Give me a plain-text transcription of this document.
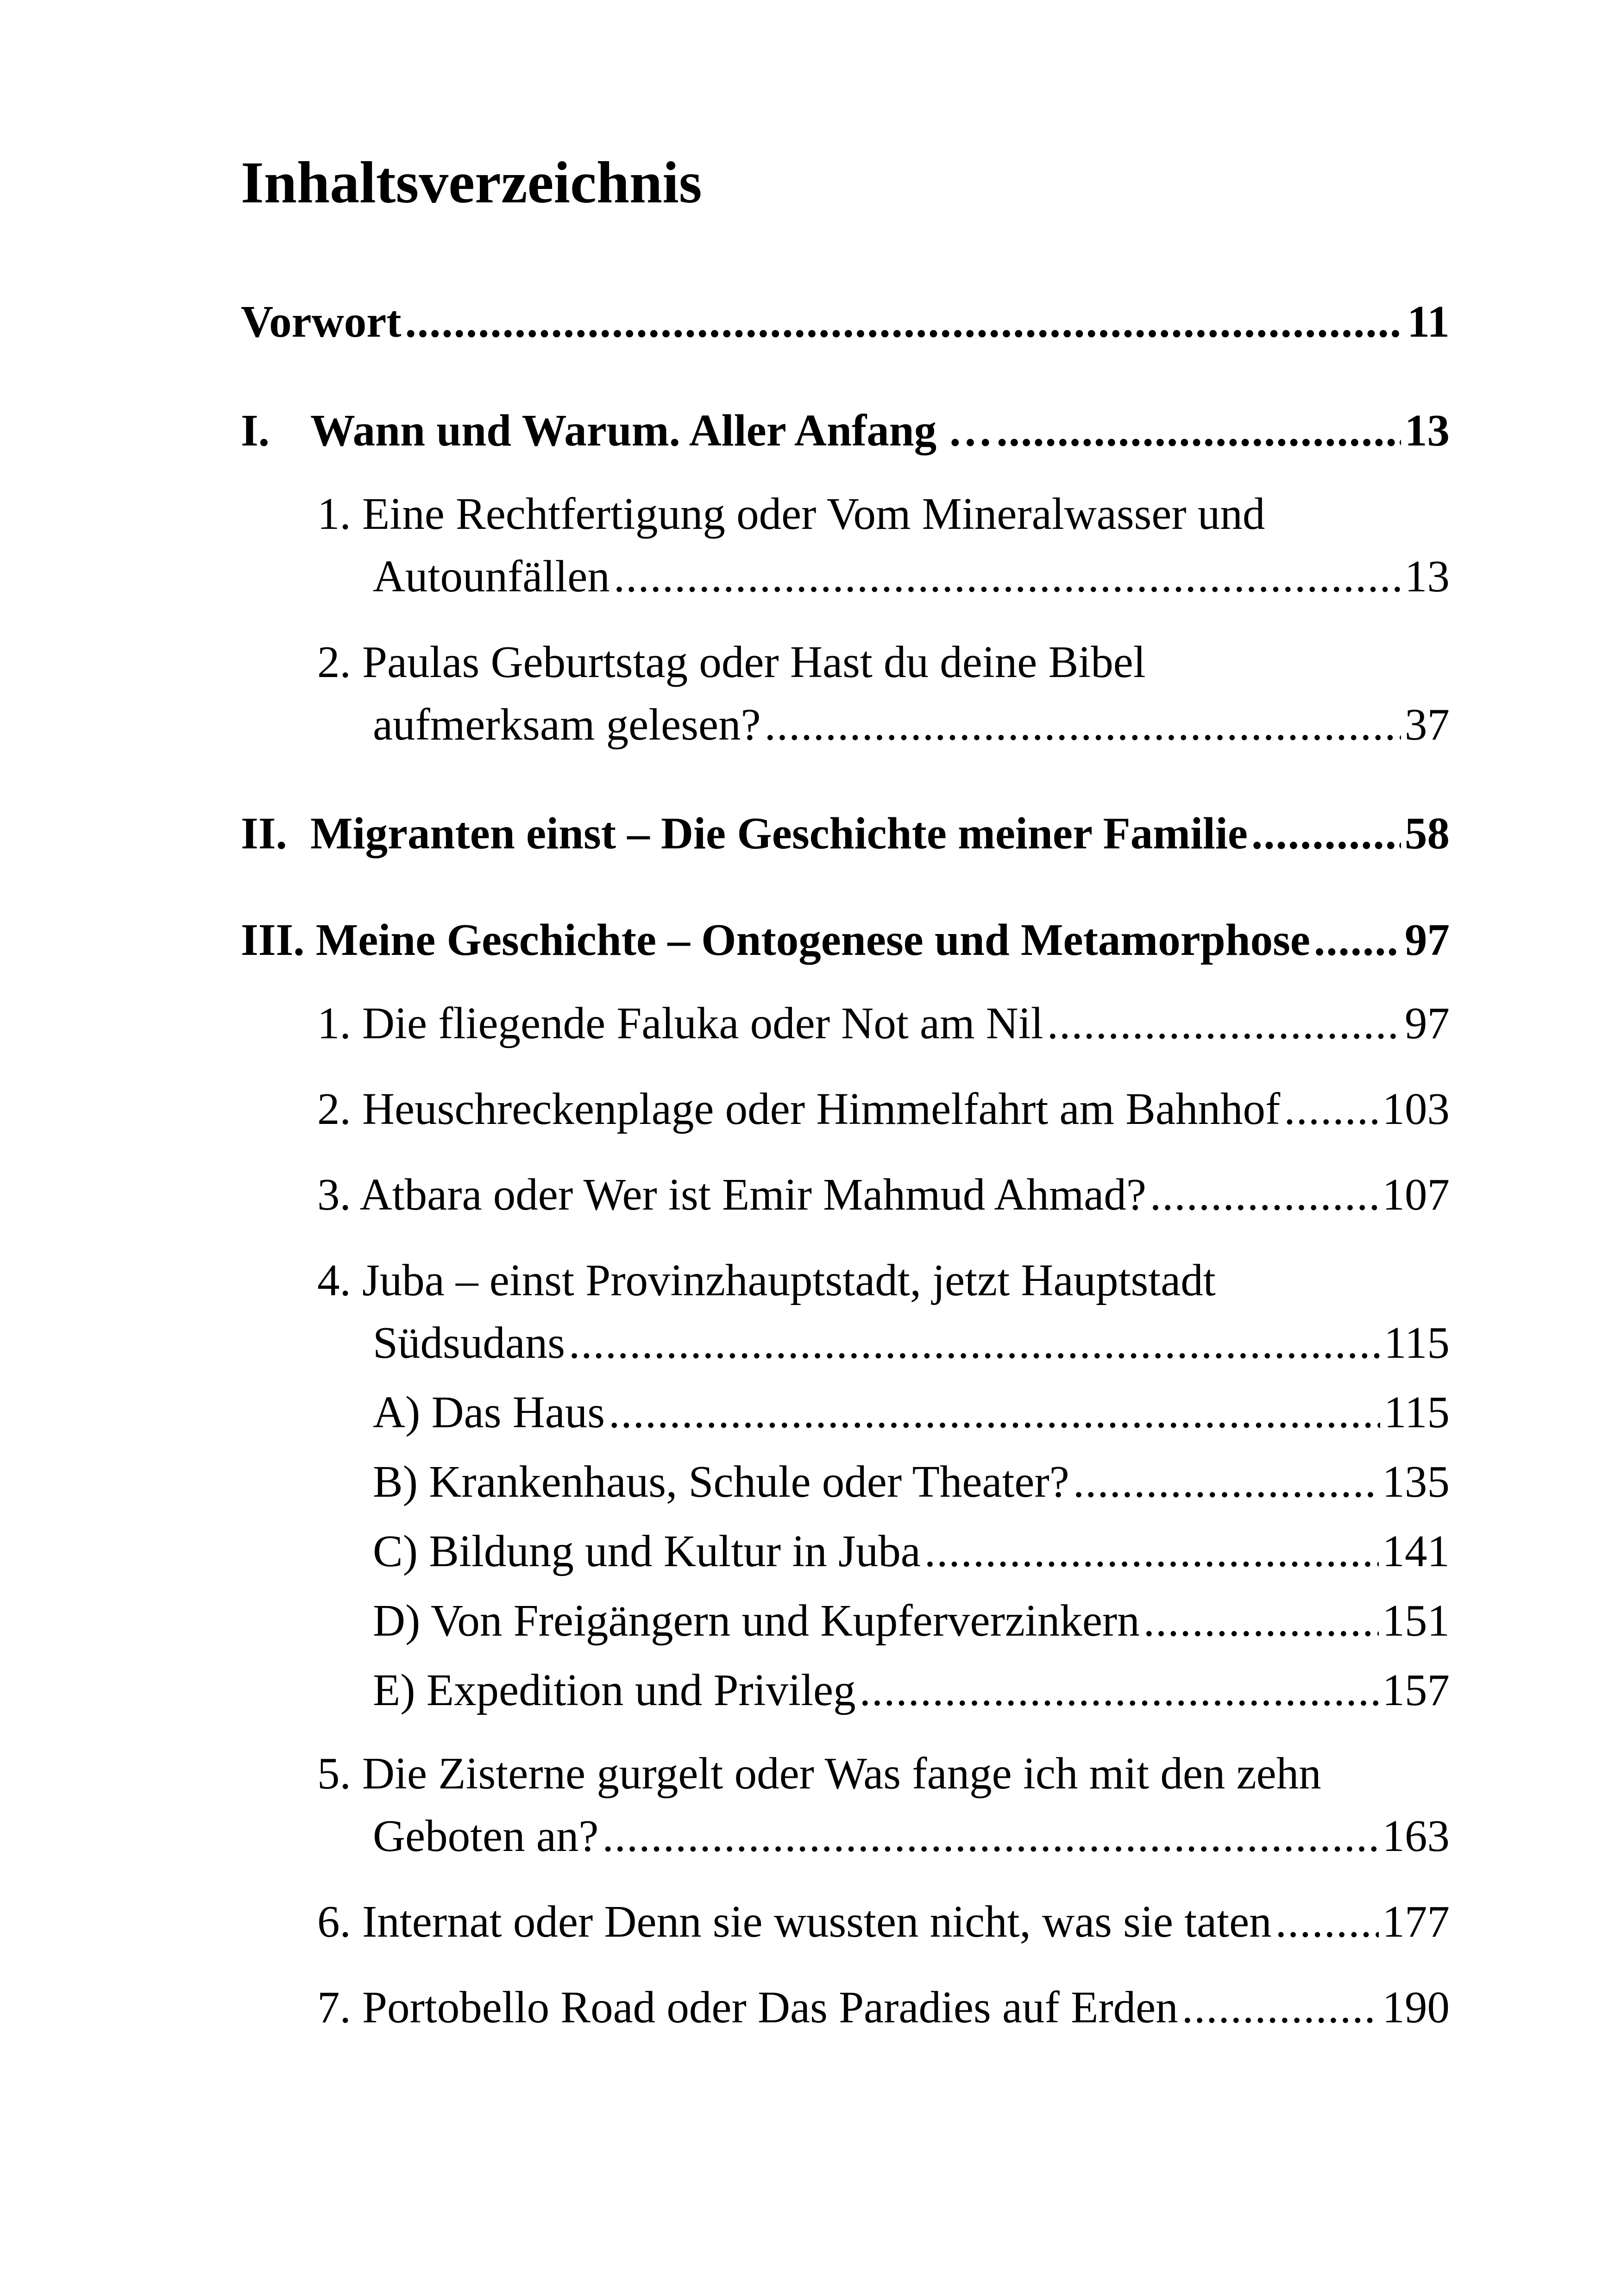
Inhaltsverzeichnis
Vorwort .....	11
I. Wann und Warum. Aller Anfang … .....	13
1. Eine Rechtfertigung oder Vom Mineralwasser und
Autounfällen .....	13
2. Paulas Geburtstag oder Hast du deine Bibel
aufmerksam gelesen? .....	37
II. Migranten einst – Die Geschichte meiner Familie .....	58
III. Meine Geschichte – Ontogenese und Metamorphose ..... 97
1. Die fliegende Faluka oder Not am Nil .....	97
2. Heuschreckenplage oder Himmelfahrt am Bahnhof ..... 103
3. Atbara oder Wer ist Emir Mahmud Ahmad? .....	107
4. Juba – einst Provinzhauptstadt, jetzt Hauptstadt
Südsudans .....	115
A) Das Haus .....	115
B) Krankenhaus, Schule oder Theater? .....	135
C) Bildung und Kultur in Juba .....	141
D) Von Freigängern und Kupferverzinkern .....	151
E) Expedition und Privileg .....	157
5. Die Zisterne gurgelt oder Was fange ich mit den zehn
Geboten an? .....	163
6. Internat oder Denn sie wussten nicht, was sie taten ..... 177
7. Portobello Road oder Das Paradies auf Erden .....	190
